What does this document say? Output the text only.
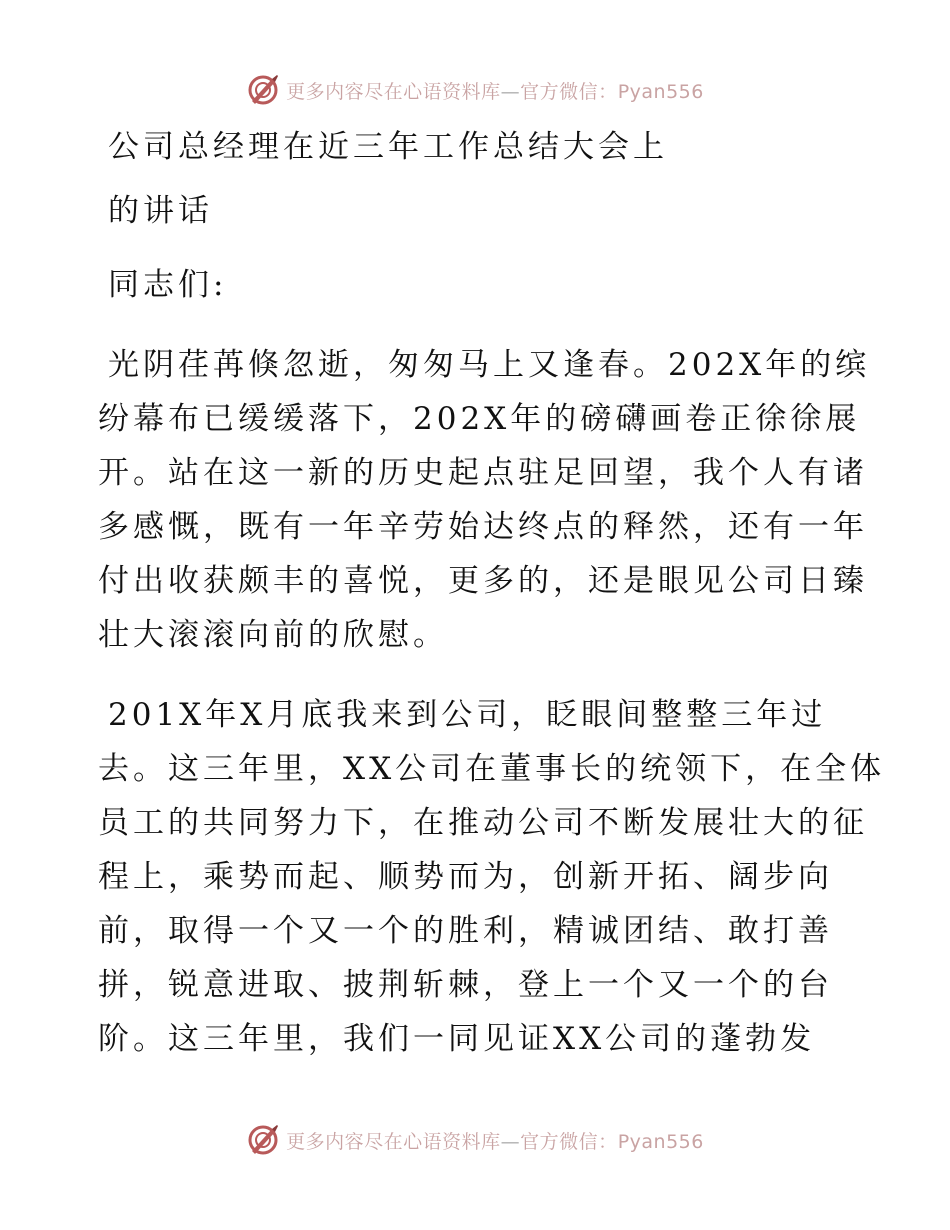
更多内容尽在心语资料库—官方微信：Pyan556
公司总经理在近三年工作总结大会上
的讲话
同志们:
光阴荏苒倏忽逝，匆匆马上又逢春。202X年的缤
纷幕布已缓缓落下，202X年的磅礴画卷正徐徐展
开。站在这一新的历史起点驻足回望，我个人有诸
多感慨，既有一年辛劳始达终点的释然，还有一年
付出收获颇丰的喜悦，更多的，还是眼见公司日臻
壮大滚滚向前的欣慰。
201X年X月底我来到公司，眨眼间整整三年过
去。这三年里，XX公司在董事长的统领下，在全体
员工的共同努力下，在推动公司不断发展壮大的征
程上，乘势而起、顺势而为，创新开拓、阔步向
前，取得一个又一个的胜利，精诚团结、敢打善
拼，锐意进取、披荆斩棘，登上一个又一个的台
阶。这三年里，我们一同见证XX公司的蓬勃发
更多内容尽在心语资料库—官方微信：Pyan556
